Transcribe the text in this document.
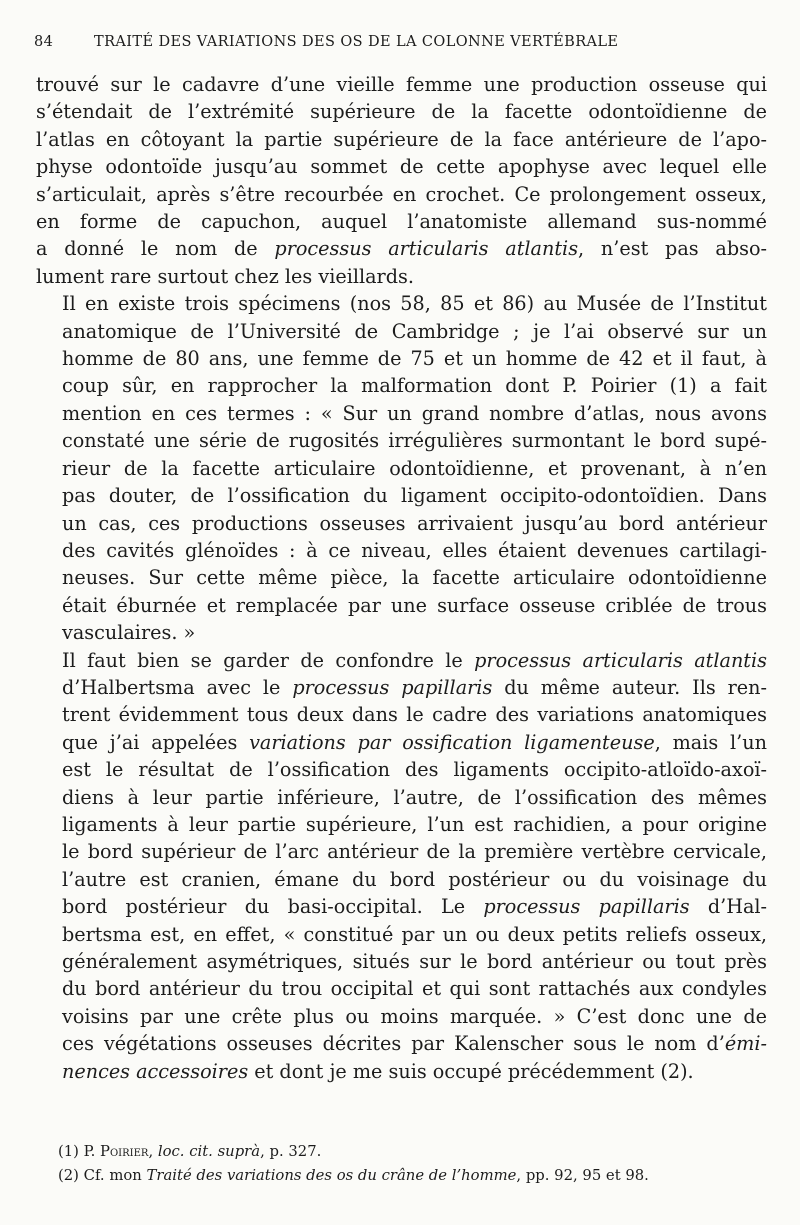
84	TRAITÉ DES VARIATIONS DES OS DE LA COLONNE VERTÉBRALE

trouvé sur le cadavre d’une vieille femme une production osseuse qui
s’étendait de l’extrémité supérieure de la facette odontoïdienne de
l’atlas en côtoyant la partie supérieure de la face antérieure de l’apo-
physe odontoïde jusqu’au sommet de cette apophyse avec lequel elle
s’articulait, après s’être recourbée en crochet. Ce prolongement osseux,
en forme de capuchon, auquel l’anatomiste allemand sus-nommé
a donné le nom de processus articularis atlantis, n’est pas abso-
lument rare surtout chez les vieillards.

Il en existe trois spécimens (nos 58, 85 et 86) au Musée de l’Institut
anatomique de l’Université de Cambridge ; je l’ai observé sur un
homme de 80 ans, une femme de 75 et un homme de 42 et il faut, à
coup sûr, en rapprocher la malformation dont P. Poirier (1) a fait
mention en ces termes : « Sur un grand nombre d’atlas, nous avons
constaté une série de rugosités irrégulières surmontant le bord supé-
rieur de la facette articulaire odontoïdienne, et provenant, à n’en
pas douter, de l’ossification du ligament occipito-odontoïdien. Dans
un cas, ces productions osseuses arrivaient jusqu’au bord antérieur
des cavités glénoïdes : à ce niveau, elles étaient devenues cartilagi-
neuses. Sur cette même pièce, la facette articulaire odontoïdienne
était éburnée et remplacée par une surface osseuse criblée de trous
vasculaires. »

Il faut bien se garder de confondre le processus articularis atlantis
d’Halbertsma avec le processus papillaris du même auteur. Ils ren-
trent évidemment tous deux dans le cadre des variations anatomiques
que j’ai appelées variations par ossification ligamenteuse, mais l’un
est le résultat de l’ossification des ligaments occipito-atloïdo-axoï-
diens à leur partie inférieure, l’autre, de l’ossification des mêmes
ligaments à leur partie supérieure, l’un est rachidien, a pour origine
le bord supérieur de l’arc antérieur de la première vertèbre cervicale,
l’autre est cranien, émane du bord postérieur ou du voisinage du
bord postérieur du basi-occipital. Le processus papillaris d’Hal-
bertsma est, en effet, « constitué par un ou deux petits reliefs osseux,
généralement asymétriques, situés sur le bord antérieur ou tout près
du bord antérieur du trou occipital et qui sont rattachés aux condyles
voisins par une crête plus ou moins marquée. » C’est donc une de
ces végétations osseuses décrites par Kalenscher sous le nom d’émi-
nences accessoires et dont je me suis occupé précédemment (2).

(1) P. Poirier, loc. cit. suprà, p. 327.

(2) Cf. mon Traité des variations des os du crâne de l’homme, pp. 92, 95 et 98.
